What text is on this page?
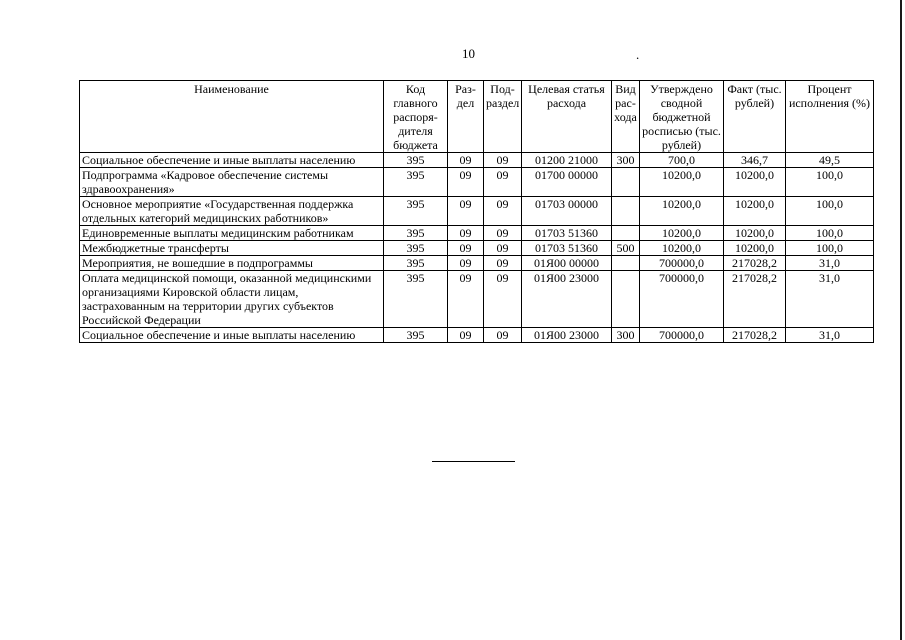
10	.
Наименование	Код главного распоря-дителя бюджета	Раз-дел	Под-раздел	Целевая статья расхода	Вид рас-хода	Утверждено сводной бюджетной росписью (тыс. рублей)	Факт (тыс. рублей)	Процент исполнения (%)
Социальное обеспечение и иные выплаты населению	395	09	09	01200 21000	300	700,0	346,7	49,5
Подпрограмма «Кадровое обеспечение системы здравоохранения»	395	09	09	01700 00000		10200,0	10200,0	100,0
Основное мероприятие «Государственная поддержка отдельных категорий медицинских работников»	395	09	09	01703 00000		10200,0	10200,0	100,0
Единовременные выплаты медицинским работникам	395	09	09	01703 51360		10200,0	10200,0	100,0
Межбюджетные трансферты	395	09	09	01703 51360	500	10200,0	10200,0	100,0
Мероприятия, не вошедшие в подпрограммы	395	09	09	01Я00 00000		700000,0	217028,2	31,0
Оплата медицинской помощи, оказанной медицинскими организациями Кировской области лицам, застрахованным на территории других субъектов Российской Федерации	395	09	09	01Я00 23000		700000,0	217028,2	31,0
Социальное обеспечение и иные выплаты населению	395	09	09	01Я00 23000	300	700000,0	217028,2	31,0
